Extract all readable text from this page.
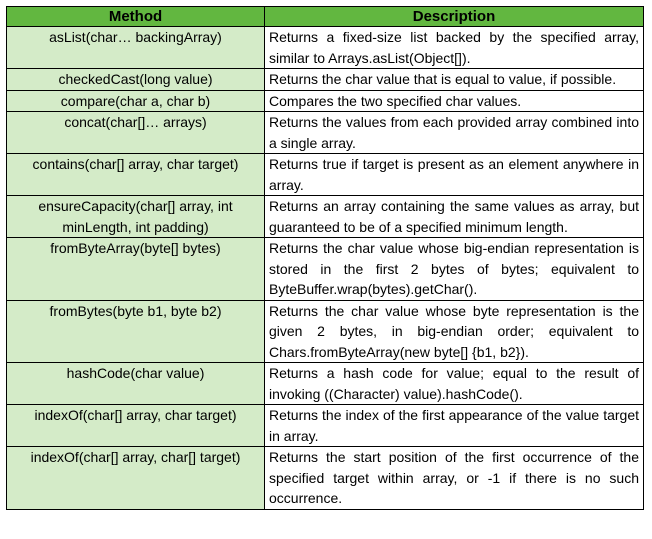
Method	Description
asList(char… backingArray)	Returns a fixed-size list backed by the specified array, similar to Arrays.asList(Object[]).
checkedCast(long value)	Returns the char value that is equal to value, if possible.
compare(char a, char b)	Compares the two specified char values.
concat(char[]… arrays)	Returns the values from each provided array combined into a single array.
contains(char[] array, char target)	Returns true if target is present as an element anywhere in array.
ensureCapacity(char[] array, int minLength, int padding)	Returns an array containing the same values as array, but guaranteed to be of a specified minimum length.
fromByteArray(byte[] bytes)	Returns the char value whose big-endian representation is stored in the first 2 bytes of bytes; equivalent to ByteBuffer.wrap(bytes).getChar().
fromBytes(byte b1, byte b2)	Returns the char value whose byte representation is the given 2 bytes, in big-endian order; equivalent to Chars.fromByteArray(new byte[] {b1, b2}).
hashCode(char value)	Returns a hash code for value; equal to the result of invoking ((Character) value).hashCode().
indexOf(char[] array, char target)	Returns the index of the first appearance of the value target in array.
indexOf(char[] array, char[] target)	Returns the start position of the first occurrence of the specified target within array, or -1 if there is no such occurrence.
